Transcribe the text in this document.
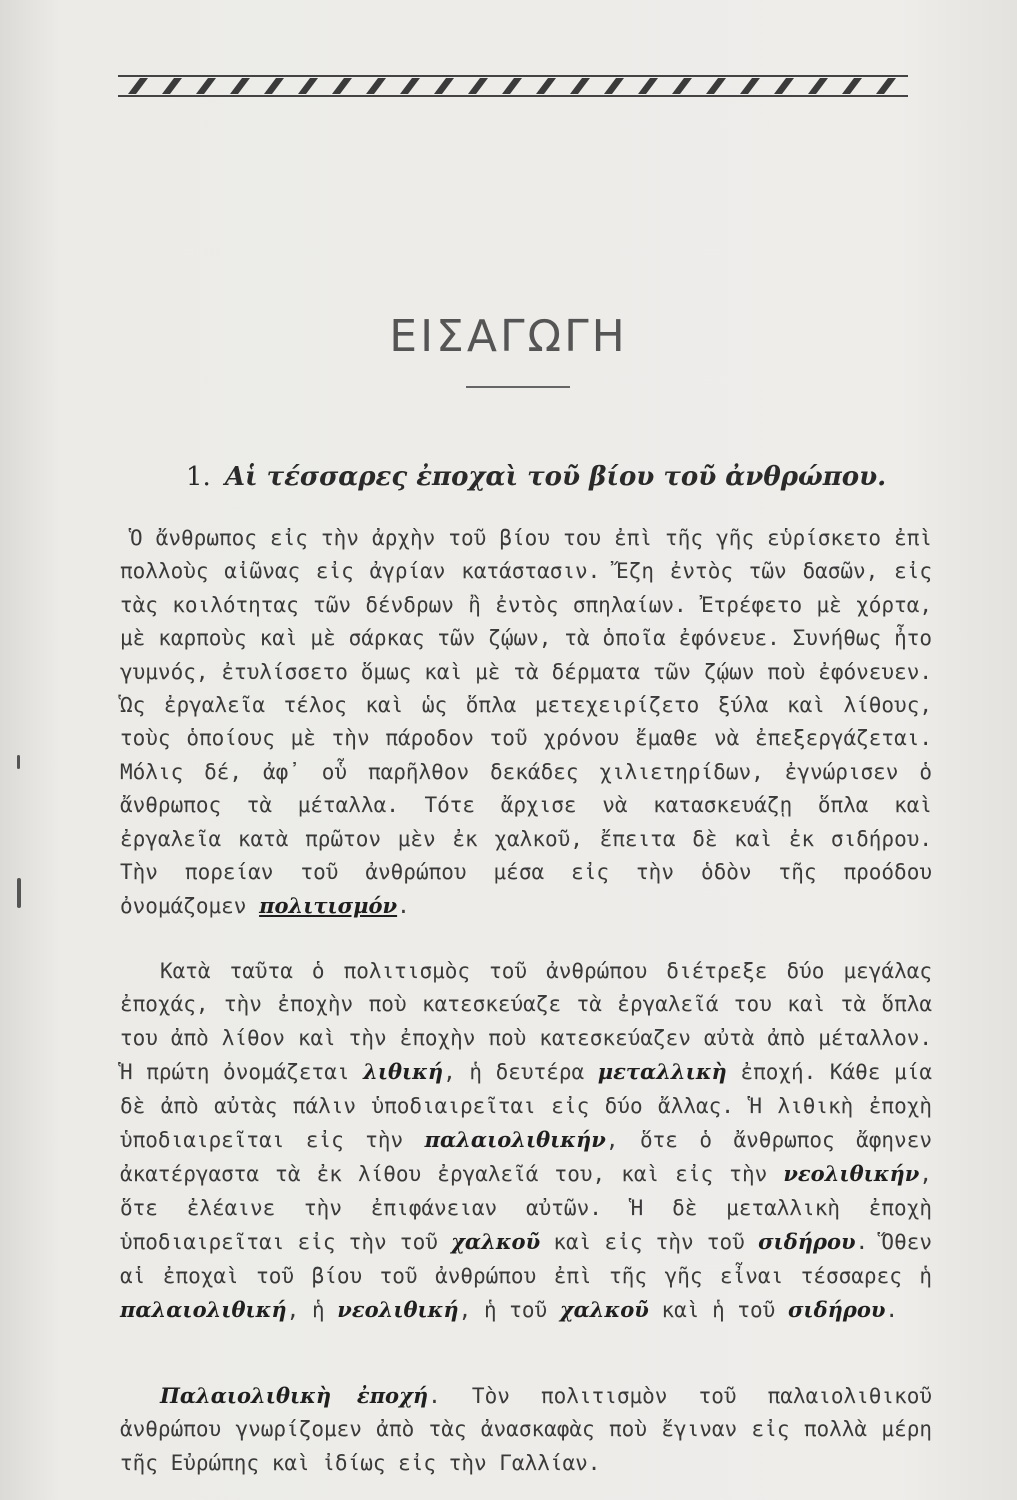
ΕΙΣΑΓΩΓΗ
1. Αἱ τέσσαρες ἐποχαὶ τοῦ βίου τοῦ ἀνθρώπου.

Ὁ ἄνθρωπος εἰς τὴν ἀρχὴν τοῦ βίου του ἐπὶ τῆς γῆς εὑρίσκετο ἐπὶ πολλοὺς αἰῶνας εἰς ἀγρίαν κατάστασιν. Ἔζη ἐντὸς τῶν δασῶν, εἰς τὰς κοιλότητας τῶν δένδρων ἢ ἐντὸς σπηλαίων. Ἐτρέφετο μὲ χόρτα, μὲ καρποὺς καὶ μὲ σάρκας τῶν ζῴων, τὰ ὁποῖα ἐφόνευε. Συνήθως ἦτο γυμνός, ἐτυλίσσετο ὅμως καὶ μὲ τὰ δέρματα τῶν ζῴων ποὺ ἐφόνευεν. Ὡς ἐργαλεῖα τέλος καὶ ὡς ὅπλα μετεχειρίζετο ξύλα καὶ λίθους, τοὺς ὁποίους μὲ τὴν πάροδον τοῦ χρόνου ἔμαθε νὰ ἐπεξεργάζεται. Μόλις δέ, ἀφ᾿ οὗ παρῆλθον δεκάδες χιλιετηρίδων, ἐγνώρισεν ὁ ἄνθρωπος τὰ μέταλλα. Τότε ἄρχισε νὰ κατασκευάζῃ ὅπλα καὶ ἐργαλεῖα κατὰ πρῶτον μὲν ἐκ χαλκοῦ, ἔπειτα δὲ καὶ ἐκ σιδήρου. Τὴν πορείαν τοῦ ἀνθρώπου μέσα εἰς τὴν ὁδὸν τῆς προόδου ὀνομάζομεν πολιτισμόν.

Κατὰ ταῦτα ὁ πολιτισμὸς τοῦ ἀνθρώπου διέτρεξε δύο μεγάλας ἐποχάς, τὴν ἐποχὴν ποὺ κατεσκεύαζε τὰ ἐργαλεῖά του καὶ τὰ ὅπλα του ἀπὸ λίθον καὶ τὴν ἐποχὴν ποὺ κατεσκεύαζεν αὐτὰ ἀπὸ μέταλλον. Ἡ πρώτη ὀνομάζεται λιθική, ἡ δευτέρα μεταλλικὴ ἐποχή. Κάθε μία δὲ ἀπὸ αὐτὰς πάλιν ὑποδιαιρεῖται εἰς δύο ἄλλας. Ἡ λιθικὴ ἐποχὴ ὑποδιαιρεῖται εἰς τὴν παλαιολιθικήν, ὅτε ὁ ἄνθρωπος ἄφηνεν ἀκατέργαστα τὰ ἐκ λίθου ἐργαλεῖά του, καὶ εἰς τὴν νεολιθικήν, ὅτε ἐλέαινε τὴν ἐπιφάνειαν αὐτῶν. Ἡ δὲ μεταλλικὴ ἐποχὴ ὑποδιαιρεῖται εἰς τὴν τοῦ χαλκοῦ καὶ εἰς τὴν τοῦ σιδήρου. Ὅθεν αἱ ἐποχαὶ τοῦ βίου τοῦ ἀνθρώπου ἐπὶ τῆς γῆς εἶναι τέσσαρες ἡ παλαιολιθική, ἡ νεολιθική, ἡ τοῦ χαλκοῦ καὶ ἡ τοῦ σιδήρου.

Παλαιολιθικὴ ἐποχή. Τὸν πολιτισμὸν τοῦ παλαιολιθικοῦ ἀνθρώπου γνωρίζομεν ἀπὸ τὰς ἀνασκαφὰς ποὺ ἔγιναν εἰς πολλὰ μέρη τῆς Εὐρώπης καὶ ἰδίως εἰς τὴν Γαλλίαν.
